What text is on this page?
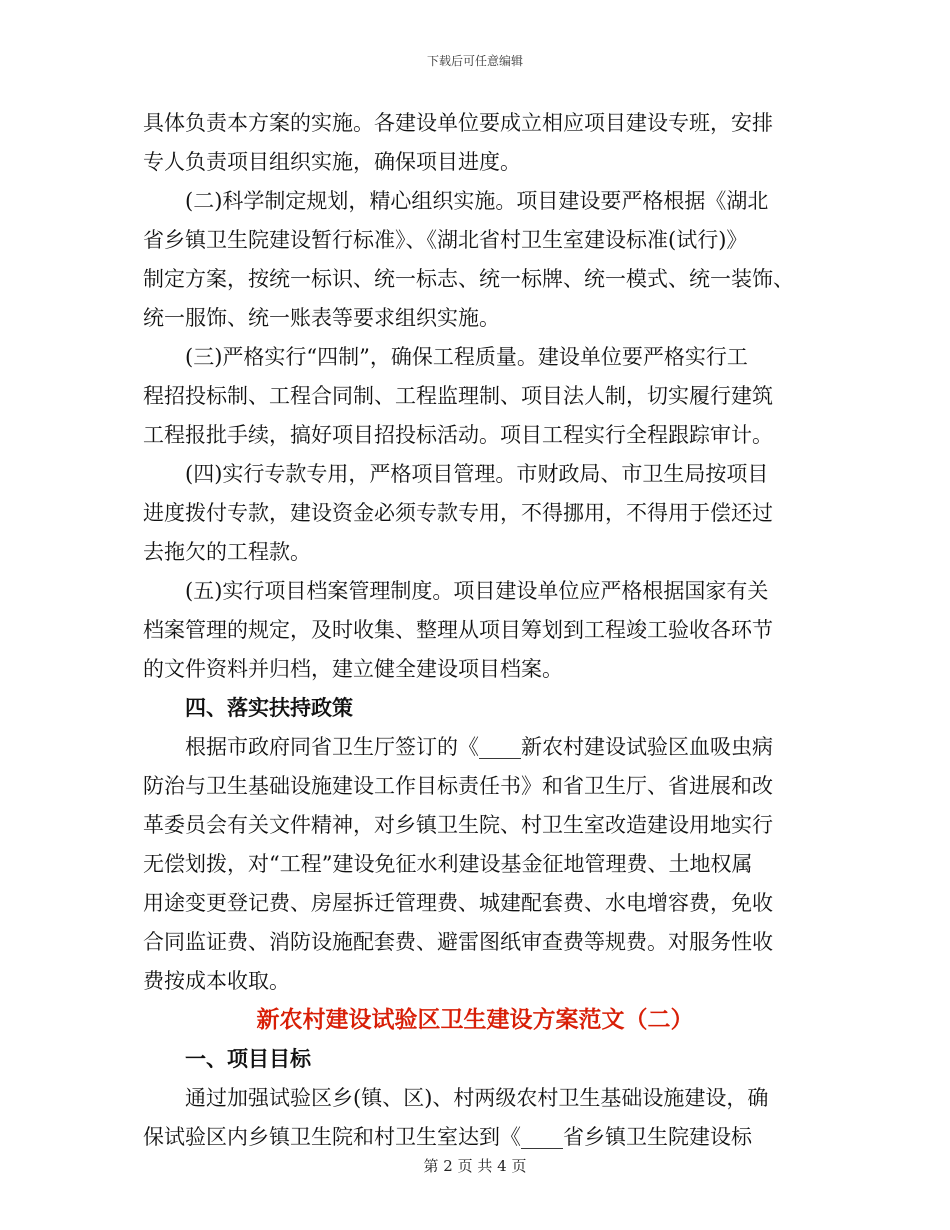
下载后可任意编辑
具体负责本方案的实施。各建设单位要成立相应项目建设专班，安排
专人负责项目组织实施，确保项目进度。
(二)科学制定规划，精心组织实施。项目建设要严格根据《湖北
省乡镇卫生院建设暂行标准》、《湖北省村卫生室建设标准(试行)》
制定方案，按统一标识、统一标志、统一标牌、统一模式、统一装饰、
统一服饰、统一账表等要求组织实施。
(三)严格实行“四制”，确保工程质量。建设单位要严格实行工
程招投标制、工程合同制、工程监理制、项目法人制，切实履行建筑
工程报批手续，搞好项目招投标活动。项目工程实行全程跟踪审计。
(四)实行专款专用，严格项目管理。市财政局、市卫生局按项目
进度拨付专款，建设资金必须专款专用，不得挪用，不得用于偿还过
去拖欠的工程款。
(五)实行项目档案管理制度。项目建设单位应严格根据国家有关
档案管理的规定，及时收集、整理从项目筹划到工程竣工验收各环节
的文件资料并归档，建立健全建设项目档案。
四、落实扶持政策
根据市政府同省卫生厅签订的《____新农村建设试验区血吸虫病
防治与卫生基础设施建设工作目标责任书》和省卫生厅、省进展和改
革委员会有关文件精神，对乡镇卫生院、村卫生室改造建设用地实行
无偿划拨，对“工程”建设免征水利建设基金征地管理费、土地权属
用途变更登记费、房屋拆迁管理费、城建配套费、水电增容费，免收
合同监证费、消防设施配套费、避雷图纸审查费等规费。对服务性收
费按成本收取。
新农村建设试验区卫生建设方案范文（二）
一、项目目标
通过加强试验区乡(镇、区)、村两级农村卫生基础设施建设，确
保试验区内乡镇卫生院和村卫生室达到《____省乡镇卫生院建设标
第 2 页 共 4 页
